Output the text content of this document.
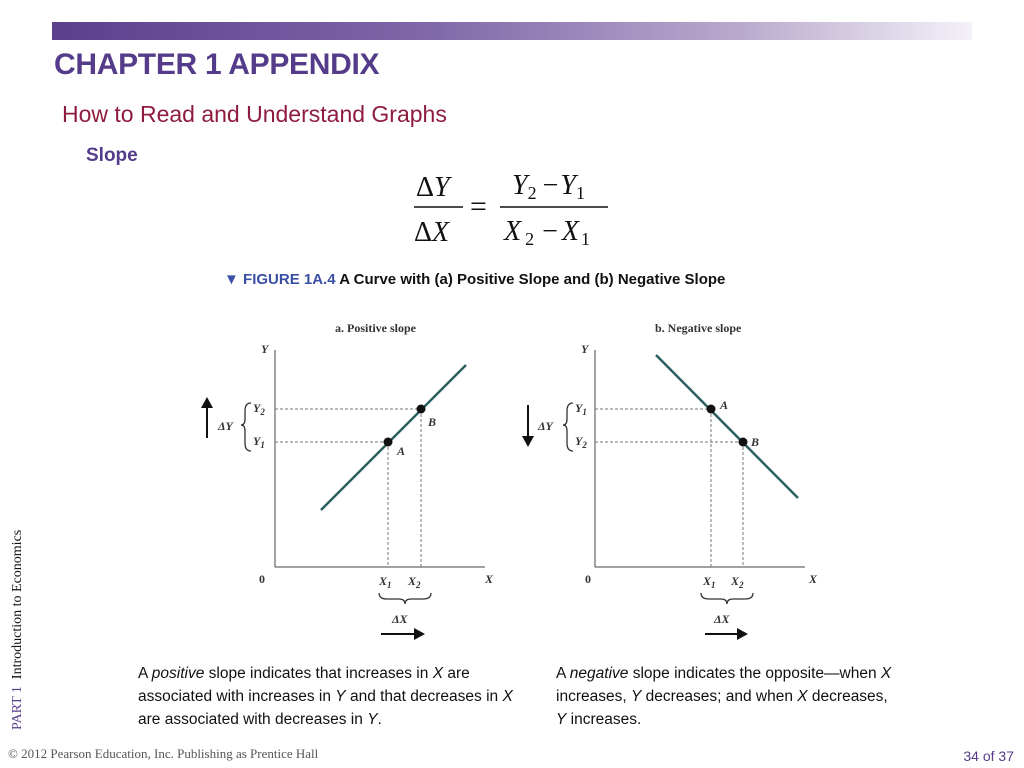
CHAPTER 1 APPENDIX
How to Read and Understand Graphs
Slope
ΔY
ΔX
=
Y2 −Y1
X 2 − X 1
▼ FIGURE 1A.4 A Curve with (a) Positive Slope and (b) Negative Slope
a. Positive slope
Y
0	X
A
B
$Y_2$
$Y_1$
ΔY
$X_1$ $X_2$
ΔX
b. Negative slope
Y
0	X
A
B
$Y_1$
$Y_2$
ΔY
$X_1$ $X_2$
ΔX
A positive slope indicates that increases in X are associated with increases in Y and that decreases in X are associated with decreases in Y.
A negative slope indicates the opposite—when X increases, Y decreases; and when X decreases, Y increases.
PART 1  Introduction to Economics
© 2012 Pearson Education, Inc. Publishing as Prentice Hall	34 of 37
